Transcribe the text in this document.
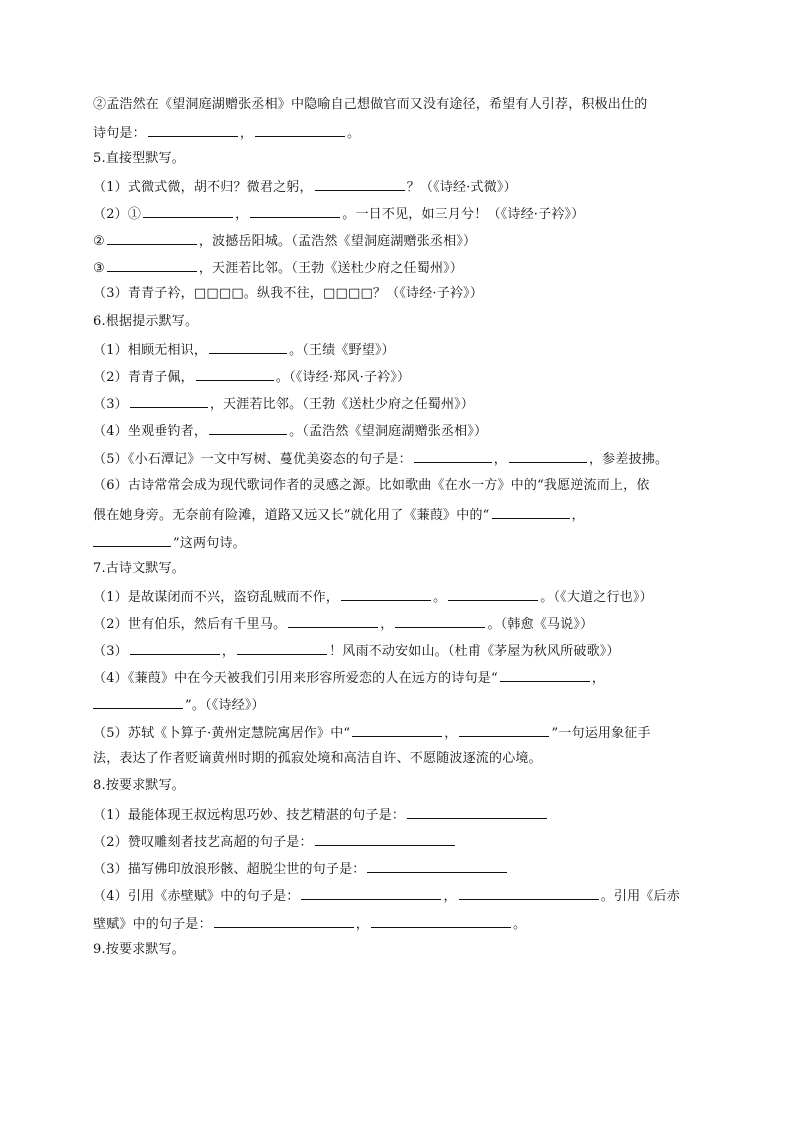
②孟浩然在《望洞庭湖赠张丞相》中隐喻自己想做官而又没有途径，希望有人引荐，积极出仕的
诗句是：	，	。
5.直接型默写。
（1）式微式微，胡不归？微君之躬，	？（《诗经·式微》）
（2）①	，	。一日不见，如三月兮！（《诗经·子衿》）
②	，波撼岳阳城。（孟浩然《望洞庭湖赠张丞相》）
③	，天涯若比邻。（王勃《送杜少府之任蜀州》）
（3）青青子衿，□□□□。纵我不往，□□□□？（《诗经·子衿》）
6.根据提示默写。
（1）相顾无相识，	。（王绩《野望》）
（2）青青子佩，	。（《诗经·郑风·子衿》）
（3）	，天涯若比邻。（王勃《送杜少府之任蜀州》）
（4）坐观垂钓者，	。（孟浩然《望洞庭湖赠张丞相》）
（5）《小石潭记》一文中写树、蔓优美姿态的句子是：	，	，参差披拂。
（6）古诗常常会成为现代歌词作者的灵感之源。比如歌曲《在水一方》中的“我愿逆流而上，依
偎在她身旁。无奈前有险滩，道路又远又长”就化用了《蒹葭》中的“	，
”这两句诗。
7.古诗文默写。
（1）是故谋闭而不兴，盗窃乱贼而不作，	。	。（《大道之行也》）
（2）世有伯乐，然后有千里马。	，	。（韩愈《马说》）
（3）	，	！风雨不动安如山。（杜甫《茅屋为秋风所破歌》）
（4）《蒹葭》中在今天被我们引用来形容所爱恋的人在远方的诗句是“	，
”。（《诗经》）
（5）苏轼《卜算子·黄州定慧院寓居作》中“	，	”一句运用象征手
法，表达了作者贬谪黄州时期的孤寂处境和高洁自许、不愿随波逐流的心境。
8.按要求默写。
（1）最能体现王叔远构思巧妙、技艺精湛的句子是：
（2）赞叹雕刻者技艺高超的句子是：
（3）描写佛印放浪形骸、超脱尘世的句子是：
（4）引用《赤壁赋》中的句子是：	，	。引用《后赤
壁赋》中的句子是：	，	。
9.按要求默写。
